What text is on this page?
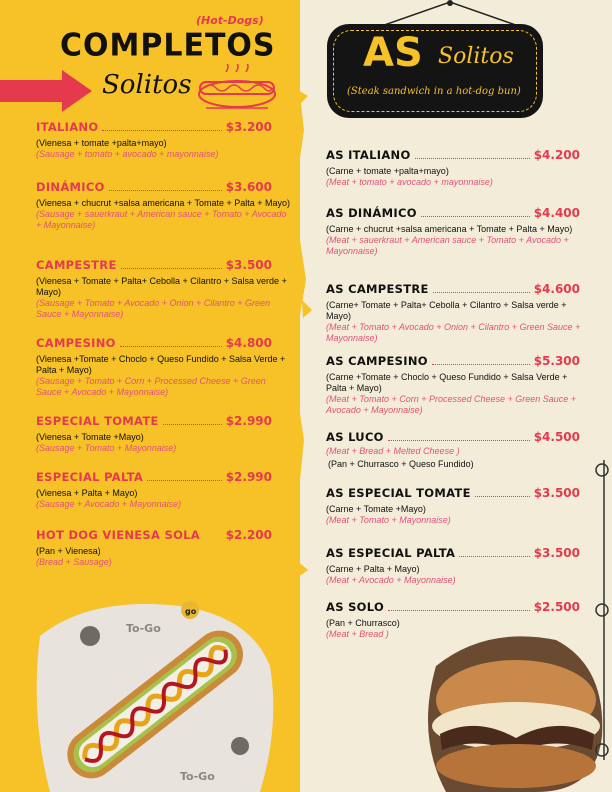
(Hot-Dogs)
COMPLETOS
Solitos
ITALIANO	$3.200
(Vienesa + tomate +palta+mayo)
(Sausage + tomato + avocado + mayonnaise)
DINÁMICO	$3.600
(Vienesa + chucrut +salsa americana + Tomate + Palta + Mayo)
(Sausage + sauerkraut + American sauce + Tomato + Avocado + Mayonnaise)
CAMPESTRE	$3.500
(Vienesa + Tomate + Palta+ Cebolla + Cilantro + Salsa verde + Mayo)
(Sausage + Tomato + Avocado + Onion + Cilantro + Green Sauce + Mayonnaise)
CAMPESINO	$4.800
(Vienesa +Tomate + Choclo + Queso Fundido + Salsa Verde + Palta + Mayo)
(Sausage + Tomato + Corn + Processed Cheese + Green Sauce + Avocado + Mayonnaise)
ESPECIAL TOMATE	$2.990
(Vienesa + Tomate +Mayo)
(Sausage + Tomato + Mayonnaise)
ESPECIAL PALTA	$2.990
(Vienesa + Palta + Mayo)
(Sausage + Avocado + Mayonnaise)
HOT DOG VIENESA SOLA $2.200
(Pan + Vienesa)
(Bread + Sausage)
To-Go
To-Go
go
AS Solitos
(Steak sandwich in a hot-dog bun)
AS ITALIANO	$4.200
(Carne + tomate +palta+mayo)
(Meat + tomato + avocado + mayonnaise)
AS DINÁMICO	$4.400
(Carne + chucrut +salsa americana + Tomate + Palta + Mayo)
(Meat + sauerkraut + American sauce + Tomato + Avocado + Mayonnaise)
AS CAMPESTRE	$4.600
(Carne+ Tomate + Palta+ Cebolla + Cilantro + Salsa verde + Mayo)
(Meat + Tomato + Avocado + Onion + Cilantro + Green Sauce + Mayonnaise)
AS CAMPESINO	$5.300
(Carne +Tomate + Choclo + Queso Fundido + Salsa Verde + Palta + Mayo)
(Meat + Tomato + Corn + Processed Cheese + Green Sauce + Avocado + Mayonnaise)
AS LUCO	$4.500
(Meat + Bread + Melted Cheese )
(Pan + Churrasco + Queso Fundido)
AS ESPECIAL TOMATE	$3.500
(Carne + Tomate +Mayo)
(Meat + Tomato + Mayonnaise)
AS ESPECIAL PALTA	$3.500
(Carne + Palta + Mayo)
(Meat + Avocado + Mayonnaise)
AS SOLO	$2.500
(Pan + Churrasco)
(Meat + Bread )
